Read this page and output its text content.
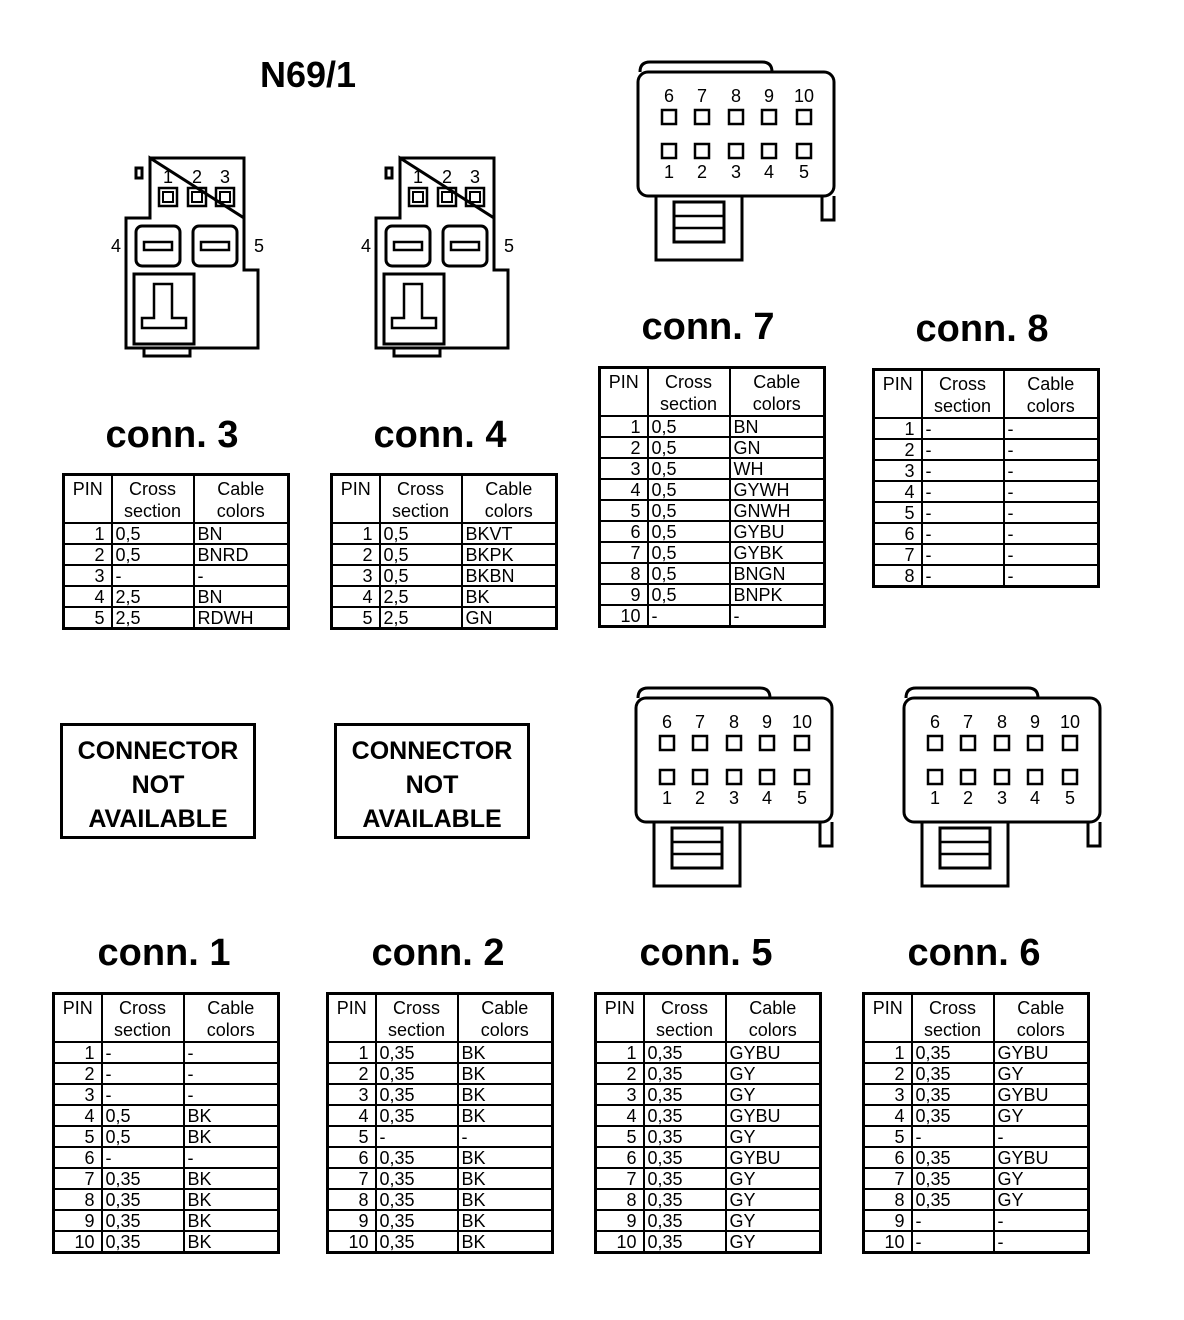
N69/1
1 2 3
4	5
1 2 3
4	5
6
1
7
2
8
3
9
4
10
5
6
1
7
2
8
3
9
4
10
5
6
1
7
2
8
3
9
4
10
5
conn. 3	conn. 4
conn. 7	conn. 8
conn. 1	conn. 2	conn. 5	conn. 6
PIN	Cross section	Cable colors
1	0,5	BN
2	0,5	BNRD
3	-	-
4	2,5	BN
5	2,5	RDWH
PIN	Cross section	Cable colors
1	0,5	BKVT
2	0,5	BKPK
3	0,5	BKBN
4	2,5	BK
5	2,5	GN
PIN	Cross section	Cable colors
1	0,5	BN
2	0,5	GN
3	0,5	WH
4	0,5	GYWH
5	0,5	GNWH
6	0,5	GYBU
7	0,5	GYBK
8	0,5	BNGN
9	0,5	BNPK
10	-	-
PIN	Cross section	Cable colors
1	-	-
2	-	-
3	-	-
4	-	-
5	-	-
6	-	-
7	-	-
8	-	-
PIN	Cross section	Cable colors
1	-	-
2	-	-
3	-	-
4	0,5	BK
5	0,5	BK
6	-	-
7	0,35	BK
8	0,35	BK
9	0,35	BK
10	0,35	BK
PIN	Cross section	Cable colors
1	0,35	BK
2	0,35	BK
3	0,35	BK
4	0,35	BK
5	-	-
6	0,35	BK
7	0,35	BK
8	0,35	BK
9	0,35	BK
10	0,35	BK
PIN	Cross section	Cable colors
1	0,35	GYBU
2	0,35	GY
3	0,35	GY
4	0,35	GYBU
5	0,35	GY
6	0,35	GYBU
7	0,35	GY
8	0,35	GY
9	0,35	GY
10	0,35	GY
PIN	Cross section	Cable colors
1	0,35	GYBU
2	0,35	GY
3	0,35	GYBU
4	0,35	GY
5	-	-
6	0,35	GYBU
7	0,35	GY
8	0,35	GY
9	-	-
10	-	-
CONNECTOR
NOT
AVAILABLE
CONNECTOR
NOT
AVAILABLE
